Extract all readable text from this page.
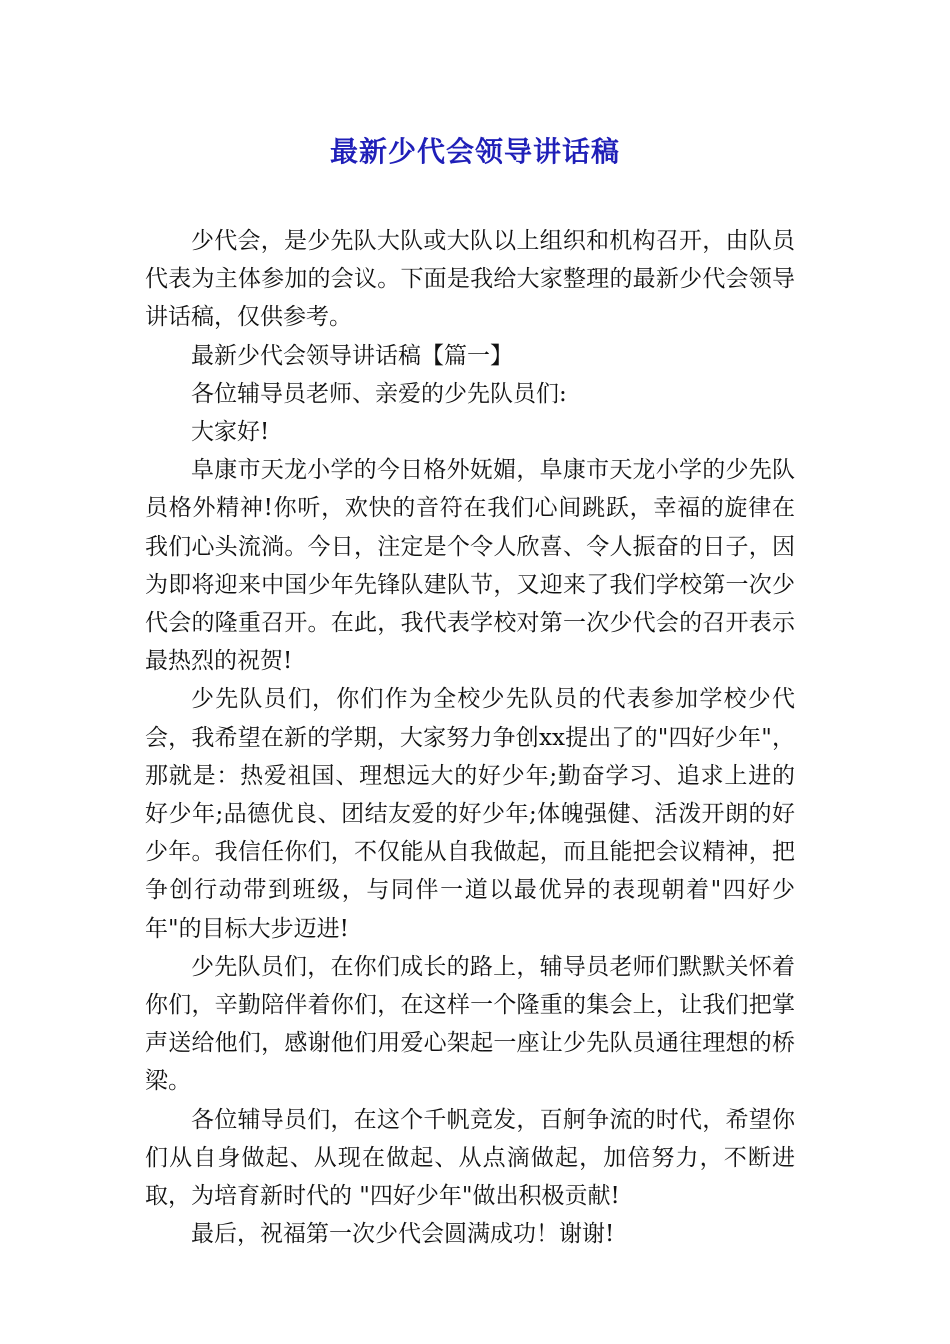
最新少代会领导讲话稿

少代会，是少先队大队或大队以上组织和机构召开，由队员代表为主体参加的会议。下面是我给大家整理的最新少代会领导讲话稿，仅供参考。

最新少代会领导讲话稿【篇一】

各位辅导员老师、亲爱的少先队员们:

大家好!

阜康市天龙小学的今日格外妩媚，阜康市天龙小学的少先队员格外精神!你听，欢快的音符在我们心间跳跃，幸福的旋律在我们心头流淌。今日，注定是个令人欣喜、令人振奋的日子，因为即将迎来中国少年先锋队建队节，又迎来了我们学校第一次少代会的隆重召开。在此，我代表学校对第一次少代会的召开表示最热烈的祝贺!

少先队员们，你们作为全校少先队员的代表参加学校少代会，我希望在新的学期，大家努力争创xx提出了的"四好少年"，那就是：热爱祖国、理想远大的好少年;勤奋学习、追求上进的好少年;品德优良、团结友爱的好少年;体魄强健、活泼开朗的好少年。我信任你们，不仅能从自我做起，而且能把会议精神，把争创行动带到班级，与同伴一道以最优异的表现朝着"四好少年"的目标大步迈进!

少先队员们，在你们成长的路上，辅导员老师们默默关怀着你们，辛勤陪伴着你们，在这样一个隆重的集会上，让我们把掌声送给他们，感谢他们用爱心架起一座让少先队员通往理想的桥梁。

各位辅导员们，在这个千帆竞发，百舸争流的时代，希望你们从自身做起、从现在做起、从点滴做起，加倍努力，不断进取，为培育新时代的 "四好少年"做出积极贡献!

最后，祝福第一次少代会圆满成功！谢谢!
